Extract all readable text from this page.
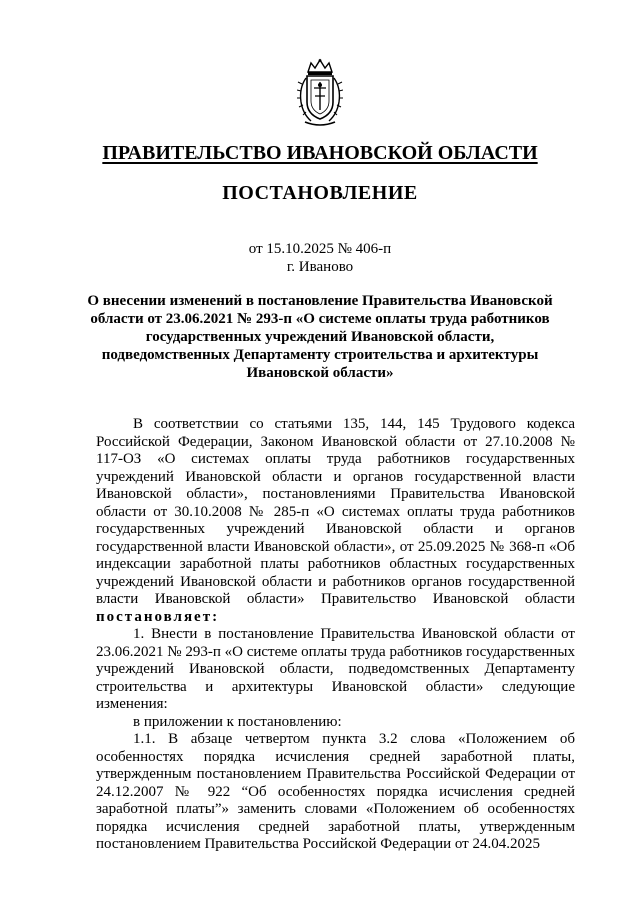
ПРАВИТЕЛЬСТВО ИВАНОВСКОЙ ОБЛАСТИ
ПОСТАНОВЛЕНИЕ
от 15.10.2025 № 406-п
г. Иваново
О внесении изменений в постановление Правительства Ивановской области от 23.06.2021 № 293-п «О системе оплаты труда работников государственных учреждений Ивановской области, подведомственных Департаменту строительства и архитектуры Ивановской области»

В соответствии со статьями 135, 144, 145 Трудового кодекса Российской Федерации, Законом Ивановской области от 27.10.2008 № 117-ОЗ «О системах оплаты труда работников государственных учреждений Ивановской области и органов государственной власти Ивановской области», постановлениями Правительства Ивановской области от 30.10.2008 № 285-п «О системах оплаты труда работников государственных учреждений Ивановской области и органов государственной власти Ивановской области», от 25.09.2025 № 368-п «Об индексации заработной платы работников областных государственных учреждений Ивановской области и работников органов государственной власти Ивановской области» Правительство Ивановской области постановляет:

1. Внести в постановление Правительства Ивановской области от 23.06.2021 № 293-п «О системе оплаты труда работников государственных учреждений Ивановской области, подведомственных Департаменту строительства и архитектуры Ивановской области» следующие изменения:

в приложении к постановлению:

1.1. В абзаце четвертом пункта 3.2 слова «Положением об особенностях порядка исчисления средней заработной платы, утвержденным постановлением Правительства Российской Федерации от 24.12.2007 № 922 “Об особенностях порядка исчисления средней заработной платы”» заменить словами «Положением об особенностях порядка исчисления средней заработной платы, утвержденным постановлением Правительства Российской Федерации от 24.04.2025
